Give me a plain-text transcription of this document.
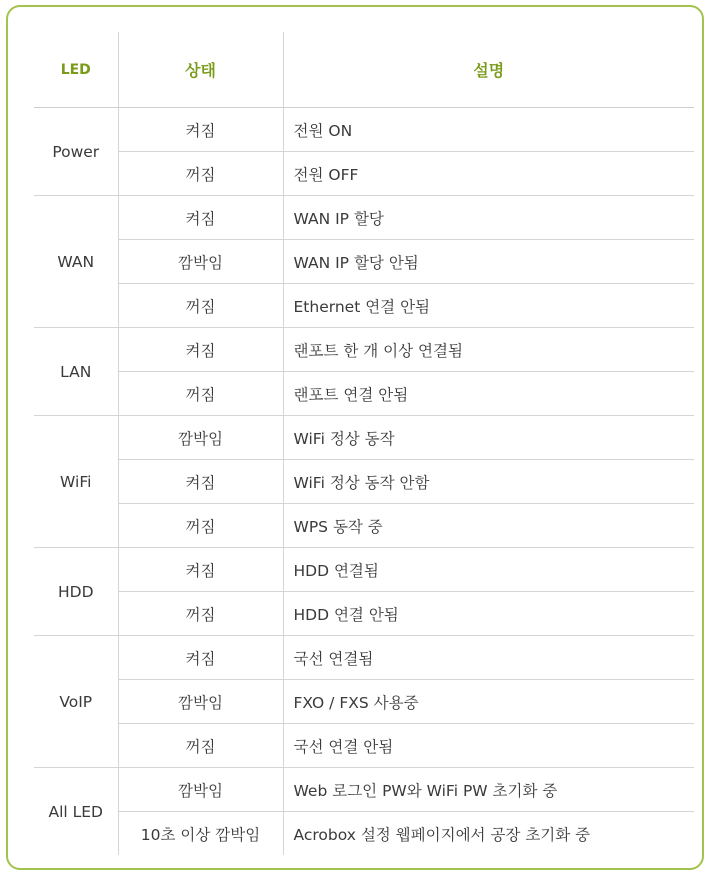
LED	상태	설명
Power	켜짐	전원 ON
	꺼짐	전원 OFF
WAN	켜짐	WAN IP 할당
	깜박임	WAN IP 할당 안됨
	꺼짐	Ethernet 연결 안됨
LAN	켜짐	랜포트 한 개 이상 연결됨
	꺼짐	랜포트 연결 안됨
WiFi	깜박임	WiFi 정상 동작
	켜짐	WiFi 정상 동작 안함
	꺼짐	WPS 동작 중
HDD	켜짐	HDD 연결됨
	꺼짐	HDD 연결 안됨
VoIP	켜짐	국선 연결됨
	깜박임	FXO / FXS 사용중
	꺼짐	국선 연결 안됨
All LED	깜박임	Web 로그인 PW와 WiFi PW 초기화 중
	10초 이상 깜박임	Acrobox 설정 웹페이지에서 공장 초기화 중
